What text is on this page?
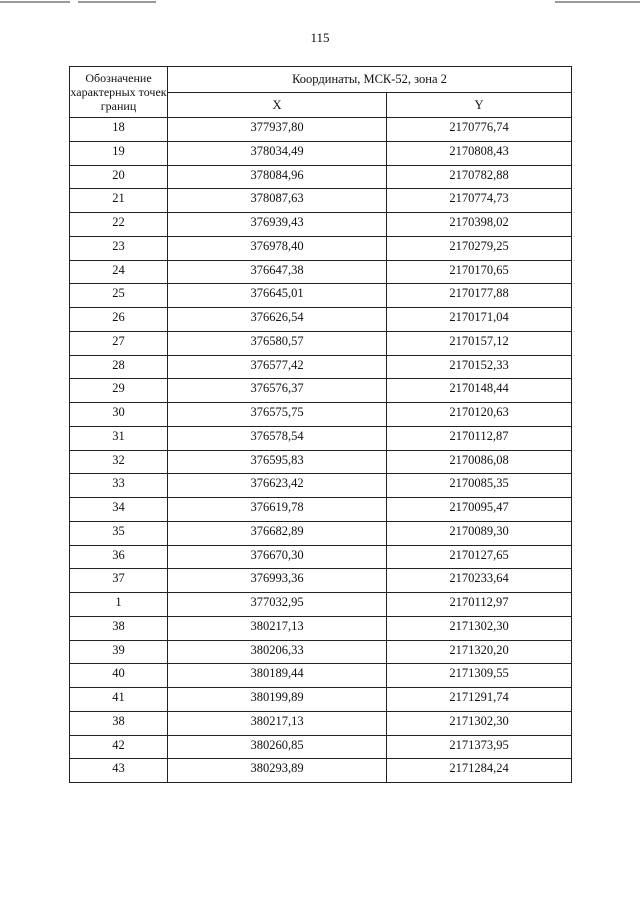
115
Обозначение характерных точек границ	Координаты, МСК-52, зона 2	
	X	Y
18	377937,80	2170776,74
19	378034,49	2170808,43
20	378084,96	2170782,88
21	378087,63	2170774,73
22	376939,43	2170398,02
23	376978,40	2170279,25
24	376647,38	2170170,65
25	376645,01	2170177,88
26	376626,54	2170171,04
27	376580,57	2170157,12
28	376577,42	2170152,33
29	376576,37	2170148,44
30	376575,75	2170120,63
31	376578,54	2170112,87
32	376595,83	2170086,08
33	376623,42	2170085,35
34	376619,78	2170095,47
35	376682,89	2170089,30
36	376670,30	2170127,65
37	376993,36	2170233,64
1	377032,95	2170112,97
38	380217,13	2171302,30
39	380206,33	2171320,20
40	380189,44	2171309,55
41	380199,89	2171291,74
38	380217,13	2171302,30
42	380260,85	2171373,95
43	380293,89	2171284,24
